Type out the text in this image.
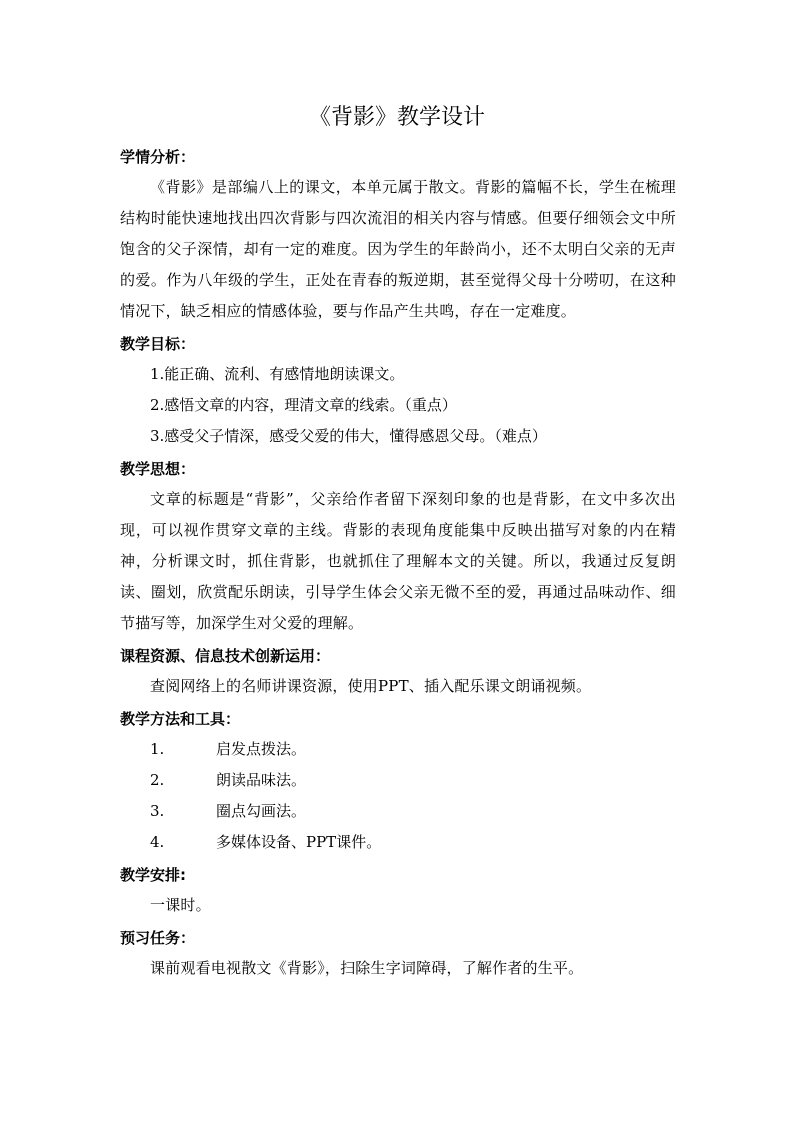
《背影》教学设计

学情分析：

《背影》是部编八上的课文，本单元属于散文。背影的篇幅不长，学生在梳理结构时能快速地找出四次背影与四次流泪的相关内容与情感。但要仔细领会文中所饱含的父子深情，却有一定的难度。因为学生的年龄尚小，还不太明白父亲的无声的爱。作为八年级的学生，正处在青春的叛逆期，甚至觉得父母十分唠叨，在这种情况下，缺乏相应的情感体验，要与作品产生共鸣，存在一定难度。

教学目标：

1.能正确、流利、有感情地朗读课文。

2.感悟文章的内容，理清文章的线索。（重点）

3.感受父子情深，感受父爱的伟大，懂得感恩父母。（难点）

教学思想：

文章的标题是“背影”，父亲给作者留下深刻印象的也是背影，在文中多次出现，可以视作贯穿文章的主线。背影的表现角度能集中反映出描写对象的内在精神，分析课文时，抓住背影，也就抓住了理解本文的关键。所以，我通过反复朗读、圈划，欣赏配乐朗读，引导学生体会父亲无微不至的爱，再通过品味动作、细节描写等，加深学生对父爱的理解。

课程资源、信息技术创新运用：

查阅网络上的名师讲课资源，使用PPT、插入配乐课文朗诵视频。

教学方法和工具：

1.	启发点拨法。
2.	朗读品味法。
3.	圈点勾画法。
4.	多媒体设备、PPT课件。

教学安排:

一课时。

预习任务：

课前观看电视散文《背影》，扫除生字词障碍，了解作者的生平。
